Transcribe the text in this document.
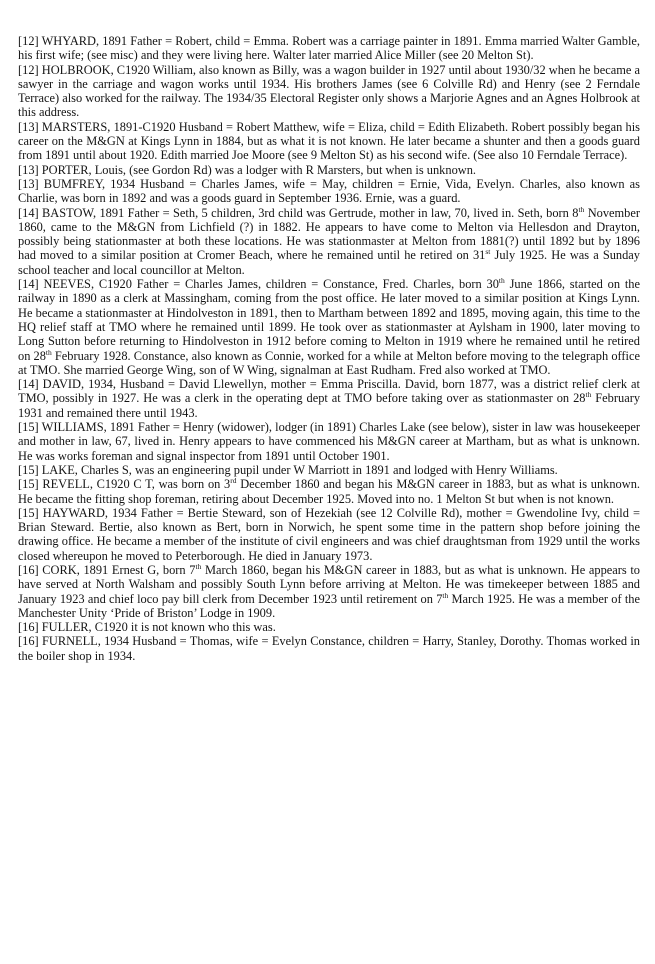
[12] WHYARD, 1891 Father = Robert, child = Emma. Robert was a carriage painter in 1891. Emma married Walter Gamble, his first wife; (see misc) and they were living here. Walter later married Alice Miller (see 20 Melton St).

[12] HOLBROOK, C1920 William, also known as Billy, was a wagon builder in 1927 until about 1930/32 when he became a sawyer in the carriage and wagon works until 1934. His brothers James (see 6 Colville Rd) and Henry (see 2 Ferndale Terrace) also worked for the railway. The 1934/35 Electoral Register only shows a Marjorie Agnes and an Agnes Holbrook at this address.

[13] MARSTERS, 1891-C1920 Husband = Robert Matthew, wife = Eliza, child = Edith Elizabeth. Robert possibly began his career on the M&GN at Kings Lynn in 1884, but as what it is not known. He later became a shunter and then a goods guard from 1891 until about 1920. Edith married Joe Moore (see 9 Melton St) as his second wife. (See also 10 Ferndale Terrace).

[13] PORTER, Louis, (see Gordon Rd) was a lodger with R Marsters, but when is unknown.

[13] BUMFREY, 1934 Husband = Charles James, wife = May, children = Ernie, Vida, Evelyn. Charles, also known as Charlie, was born in 1892 and was a goods guard in September 1936. Ernie, was a guard.

[14] BASTOW, 1891 Father = Seth, 5 children, 3rd child was Gertrude, mother in law, 70, lived in. Seth, born 8th November 1860, came to the M&GN from Lichfield (?) in 1882. He appears to have come to Melton via Hellesdon and Drayton, possibly being stationmaster at both these locations. He was stationmaster at Melton from 1881(?) until 1892 but by 1896 had moved to a similar position at Cromer Beach, where he remained until he retired on 31st July 1925. He was a Sunday school teacher and local councillor at Melton.

[14] NEEVES, C1920 Father = Charles James, children = Constance, Fred. Charles, born 30th June 1866, started on the railway in 1890 as a clerk at Massingham, coming from the post office. He later moved to a similar position at Kings Lynn. He became a stationmaster at Hindolveston in 1891, then to Martham between 1892 and 1895, moving again, this time to the HQ relief staff at TMO where he remained until 1899. He took over as stationmaster at Aylsham in 1900, later moving to Long Sutton before returning to Hindolveston in 1912 before coming to Melton in 1919 where he remained until he retired on 28th February 1928. Constance, also known as Connie, worked for a while at Melton before moving to the telegraph office at TMO. She married George Wing, son of W Wing, signalman at East Rudham. Fred also worked at TMO.

[14] DAVID, 1934, Husband = David Llewellyn, mother = Emma Priscilla. David, born 1877, was a district relief clerk at TMO, possibly in 1927. He was a clerk in the operating dept at TMO before taking over as stationmaster on 28th February 1931 and remained there until 1943.

[15] WILLIAMS, 1891 Father = Henry (widower), lodger (in 1891) Charles Lake (see below), sister in law was housekeeper and mother in law, 67, lived in. Henry appears to have commenced his M&GN career at Martham, but as what is unknown. He was works foreman and signal inspector from 1891 until October 1901.

[15] LAKE, Charles S, was an engineering pupil under W Marriott in 1891 and lodged with Henry Williams.

[15] REVELL, C1920 C T, was born on 3rd December 1860 and began his M&GN career in 1883, but as what is unknown. He became the fitting shop foreman, retiring about December 1925. Moved into no. 1 Melton St but when is not known.

[15] HAYWARD, 1934 Father = Bertie Steward, son of Hezekiah (see 12 Colville Rd), mother = Gwendoline Ivy, child = Brian Steward. Bertie, also known as Bert, born in Norwich, he spent some time in the pattern shop before joining the drawing office. He became a member of the institute of civil engineers and was chief draughtsman from 1929 until the works closed whereupon he moved to Peterborough. He died in January 1973.

[16] CORK, 1891 Ernest G, born 7th March 1860, began his M&GN career in 1883, but as what is unknown. He appears to have served at North Walsham and possibly South Lynn before arriving at Melton. He was timekeeper between 1885 and January 1923 and chief loco pay bill clerk from December 1923 until retirement on 7th March 1925. He was a member of the Manchester Unity ‘Pride of Briston’ Lodge in 1909.

[16] FULLER, C1920 it is not known who this was.

[16] FURNELL, 1934 Husband = Thomas, wife = Evelyn Constance, children = Harry, Stanley, Dorothy. Thomas worked in the boiler shop in 1934.
